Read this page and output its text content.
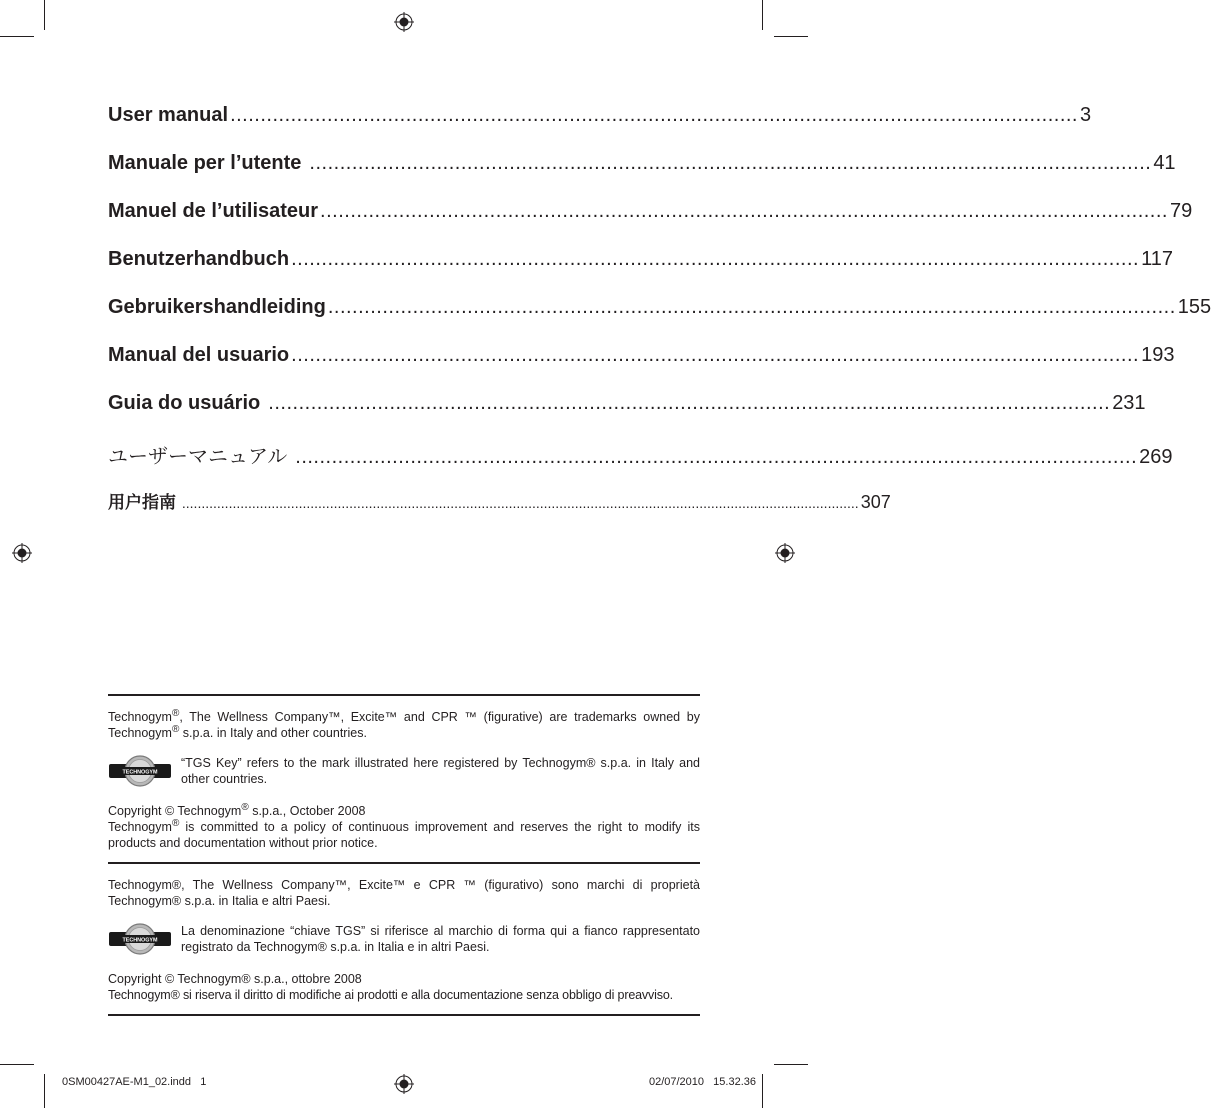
User manual ............................................................................................................................................ 3
Manuale per l’utente ........................................................................................................................................... 41
Manuel de l’utilisateur ............................................................................................................................................ 79
Benutzerhandbuch ............................................................................................................................................ 117
Gebruikershandleiding ............................................................................................................................................ 155
Manual del usuario ............................................................................................................................................ 193
Guia do usuário ........................................................................................................................................... 231
ユーザーマニュアル ........................................................................................................................................... 269
用户指南 .............................................................................................................................................................................. 307

Technogym®, The Wellness Company™, Excite™ and CPR ™ (figurative) are trademarks owned by Technogym® s.p.a. in Italy and other countries.

TECHNOGYM

“TGS Key” refers to the mark illustrated here registered by Technogym® s.p.a. in Italy and other countries.

Copyright © Technogym® s.p.a., October 2008
Technogym® is committed to a policy of continuous improvement and reserves the right to modify its products and documentation without prior notice.

Technogym®, The Wellness Company™, Excite™ e CPR ™ (figurativo) sono marchi di proprietà Technogym® s.p.a. in Italia e altri Paesi.

TECHNOGYM

La denominazione “chiave TGS” si riferisce al marchio di forma qui a fianco rappresentato registrato da Technogym® s.p.a. in Italia e in altri Paesi.

Copyright © Technogym® s.p.a., ottobre 2008
Technogym® si riserva il diritto di modifiche ai prodotti e alla documentazione senza obbligo di preavviso.

0SM00427AE-M1_02.indd   1	02/07/2010   15.32.36
